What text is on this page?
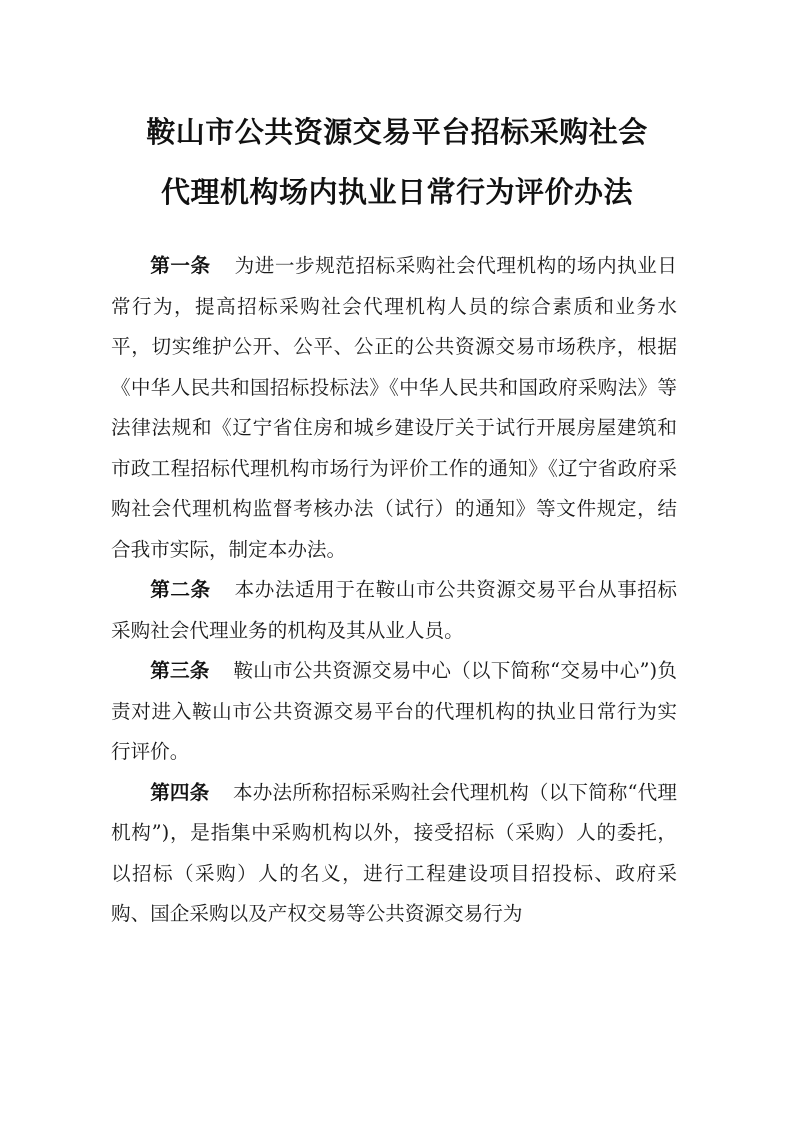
鞍山市公共资源交易平台招标采购社会
代理机构场内执业日常行为评价办法

第一条 为进一步规范招标采购社会代理机构的场内执业日常行为，提高招标采购社会代理机构人员的综合素质和业务水平，切实维护公开、公平、公正的公共资源交易市场秩序，根据《中华人民共和国招标投标法》《中华人民共和国政府采购法》等法律法规和《辽宁省住房和城乡建设厅关于试行开展房屋建筑和市政工程招标代理机构市场行为评价工作的通知》《辽宁省政府采购社会代理机构监督考核办法（试行）的通知》等文件规定，结合我市实际，制定本办法。

第二条 本办法适用于在鞍山市公共资源交易平台从事招标采购社会代理业务的机构及其从业人员。

第三条 鞍山市公共资源交易中心（以下简称“交易中心”)负责对进入鞍山市公共资源交易平台的代理机构的执业日常行为实行评价。

第四条 本办法所称招标采购社会代理机构（以下简称“代理机构”)，是指集中采购机构以外，接受招标（采购）人的委托，以招标（采购）人的名义，进行工程建设项目招投标、政府采购、国企采购以及产权交易等公共资源交易行为
